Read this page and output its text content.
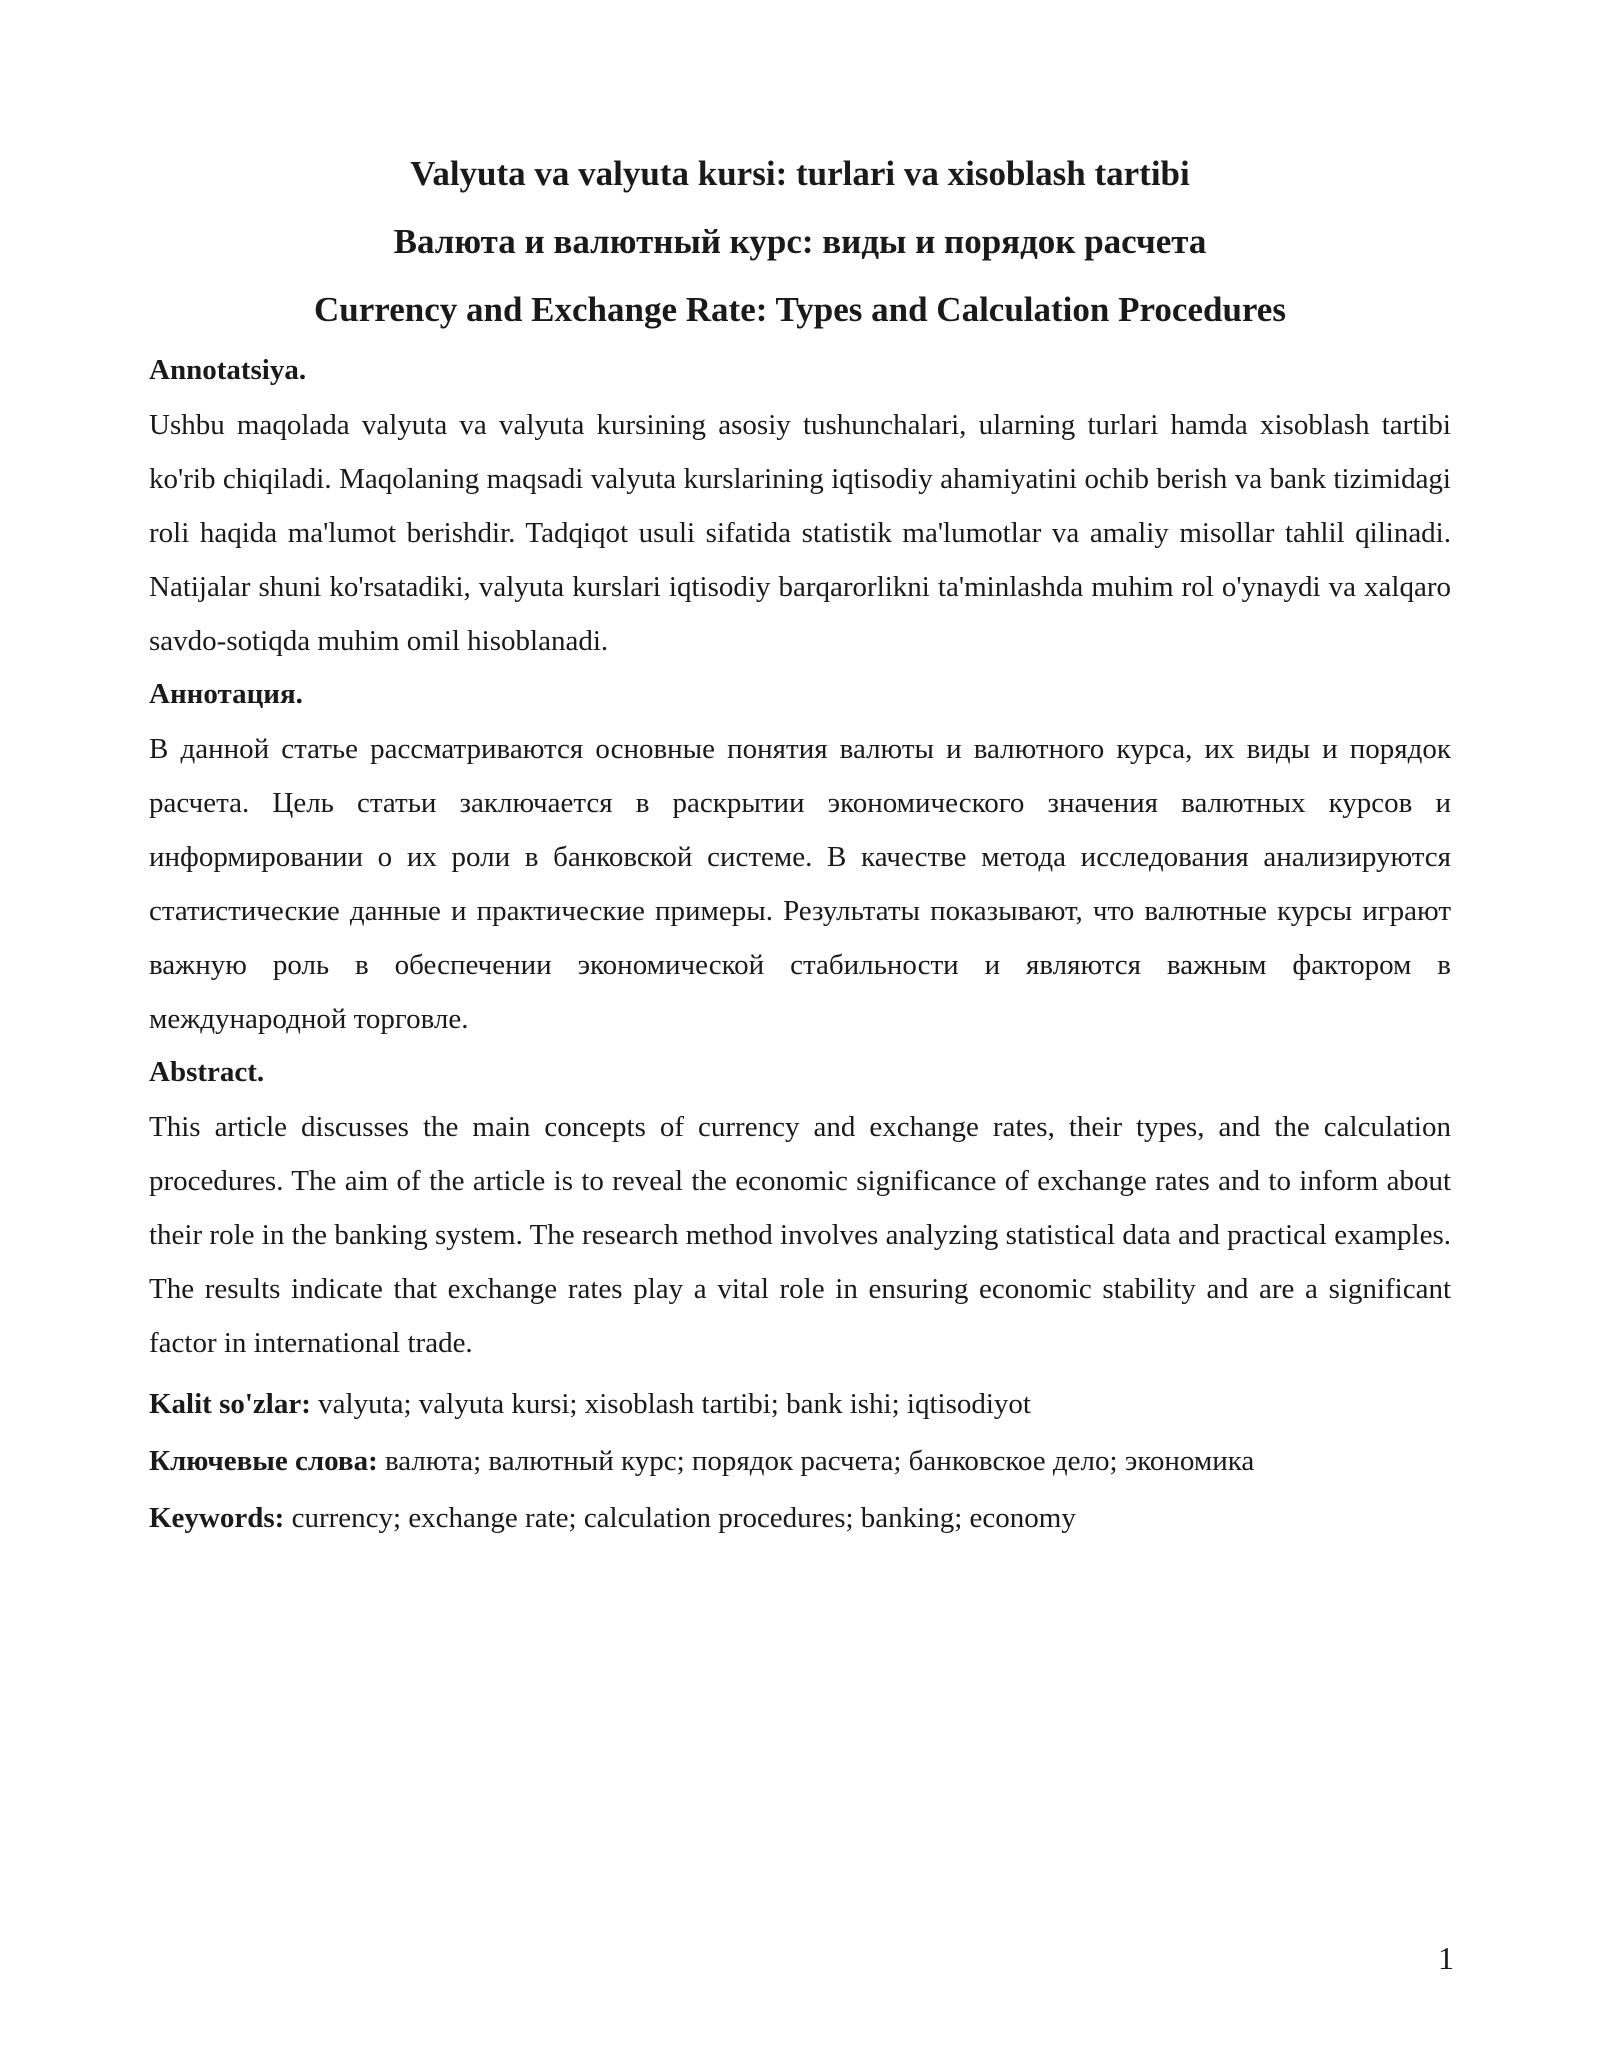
Valyuta va valyuta kursi: turlari va xisoblash tartibi
Валюта и валютный курс: виды и порядок расчета
Currency and Exchange Rate: Types and Calculation Procedures
Annotatsiya.

Ushbu maqolada valyuta va valyuta kursining asosiy tushunchalari, ularning turlari hamda xisoblash tartibi ko'rib chiqiladi. Maqolaning maqsadi valyuta kurslarining iqtisodiy ahamiyatini ochib berish va bank tizimidagi roli haqida ma'lumot berishdir. Tadqiqot usuli sifatida statistik ma'lumotlar va amaliy misollar tahlil qilinadi. Natijalar shuni ko'rsatadiki, valyuta kurslari iqtisodiy barqarorlikni ta'minlashda muhim rol o'ynaydi va xalqaro savdo-sotiqda muhim omil hisoblanadi.

Аннотация.

В данной статье рассматриваются основные понятия валюты и валютного курса, их виды и порядок расчета. Цель статьи заключается в раскрытии экономического значения валютных курсов и информировании о их роли в банковской системе. В качестве метода исследования анализируются статистические данные и практические примеры. Результаты показывают, что валютные курсы играют важную роль в обеспечении экономической стабильности и являются важным фактором в международной торговле.

Abstract.

This article discusses the main concepts of currency and exchange rates, their types, and the calculation procedures. The aim of the article is to reveal the economic significance of exchange rates and to inform about their role in the banking system. The research method involves analyzing statistical data and practical examples. The results indicate that exchange rates play a vital role in ensuring economic stability and are a significant factor in international trade.

Kalit so'zlar: valyuta; valyuta kursi; xisoblash tartibi; bank ishi; iqtisodiyot

Ключевые слова: валюта; валютный курс; порядок расчета; банковское дело; экономика

Keywords: currency; exchange rate; calculation procedures; banking; economy

1
